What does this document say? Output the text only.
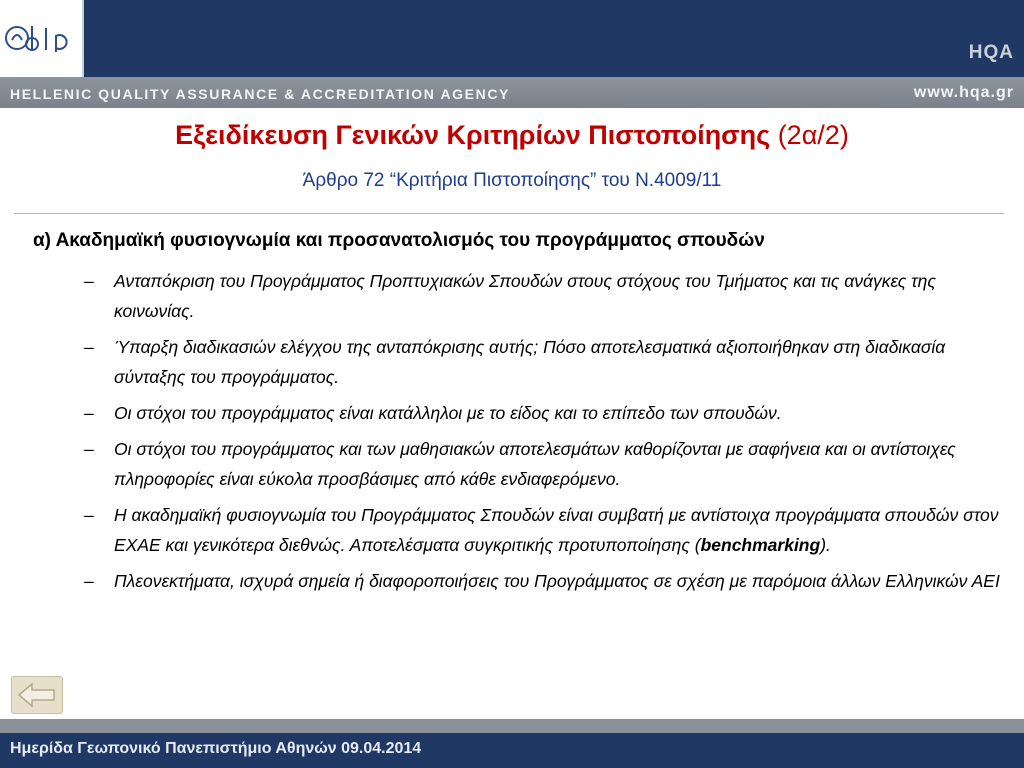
HQA
HELLENIC QUALITY ASSURANCE & ACCREDITATION AGENCY	www.hqa.gr
Εξειδίκευση Γενικών Κριτηρίων Πιστοποίησης (2α/2)
Άρθρο 72 “Κριτήρια Πιστοποίησης” του Ν.4009/11
α) Ακαδημαϊκή φυσιογνωμία και προσανατολισμός του προγράμματος σπουδών
– Ανταπόκριση του Προγράμματος Προπτυχιακών Σπουδών στους στόχους του Τμήματος και τις ανάγκες της κοινωνίας.
– Ύπαρξη διαδικασιών ελέγχου της ανταπόκρισης αυτής; Πόσο αποτελεσματικά αξιοποιήθηκαν στη διαδικασία σύνταξης του προγράμματος.
– Οι στόχοι του προγράμματος είναι κατάλληλοι με το είδος και το επίπεδο των σπουδών.
– Οι στόχοι του προγράμματος και των μαθησιακών αποτελεσμάτων καθορίζονται με σαφήνεια και οι αντίστοιχες πληροφορίες είναι εύκολα προσβάσιμες από κάθε ενδιαφερόμενο.
– Η ακαδημαϊκή φυσιογνωμία του Προγράμματος Σπουδών είναι συμβατή με αντίστοιχα προγράμματα σπουδών στον ΕΧΑΕ και γενικότερα διεθνώς. Αποτελέσματα συγκριτικής προτυποποίησης (benchmarking).
– Πλεονεκτήματα, ισχυρά σημεία ή διαφοροποιήσεις του Προγράμματος σε σχέση με παρόμοια άλλων Ελληνικών ΑΕΙ
Ημερίδα Γεωπονικό Πανεπιστήμιο Αθηνών 09.04.2014
